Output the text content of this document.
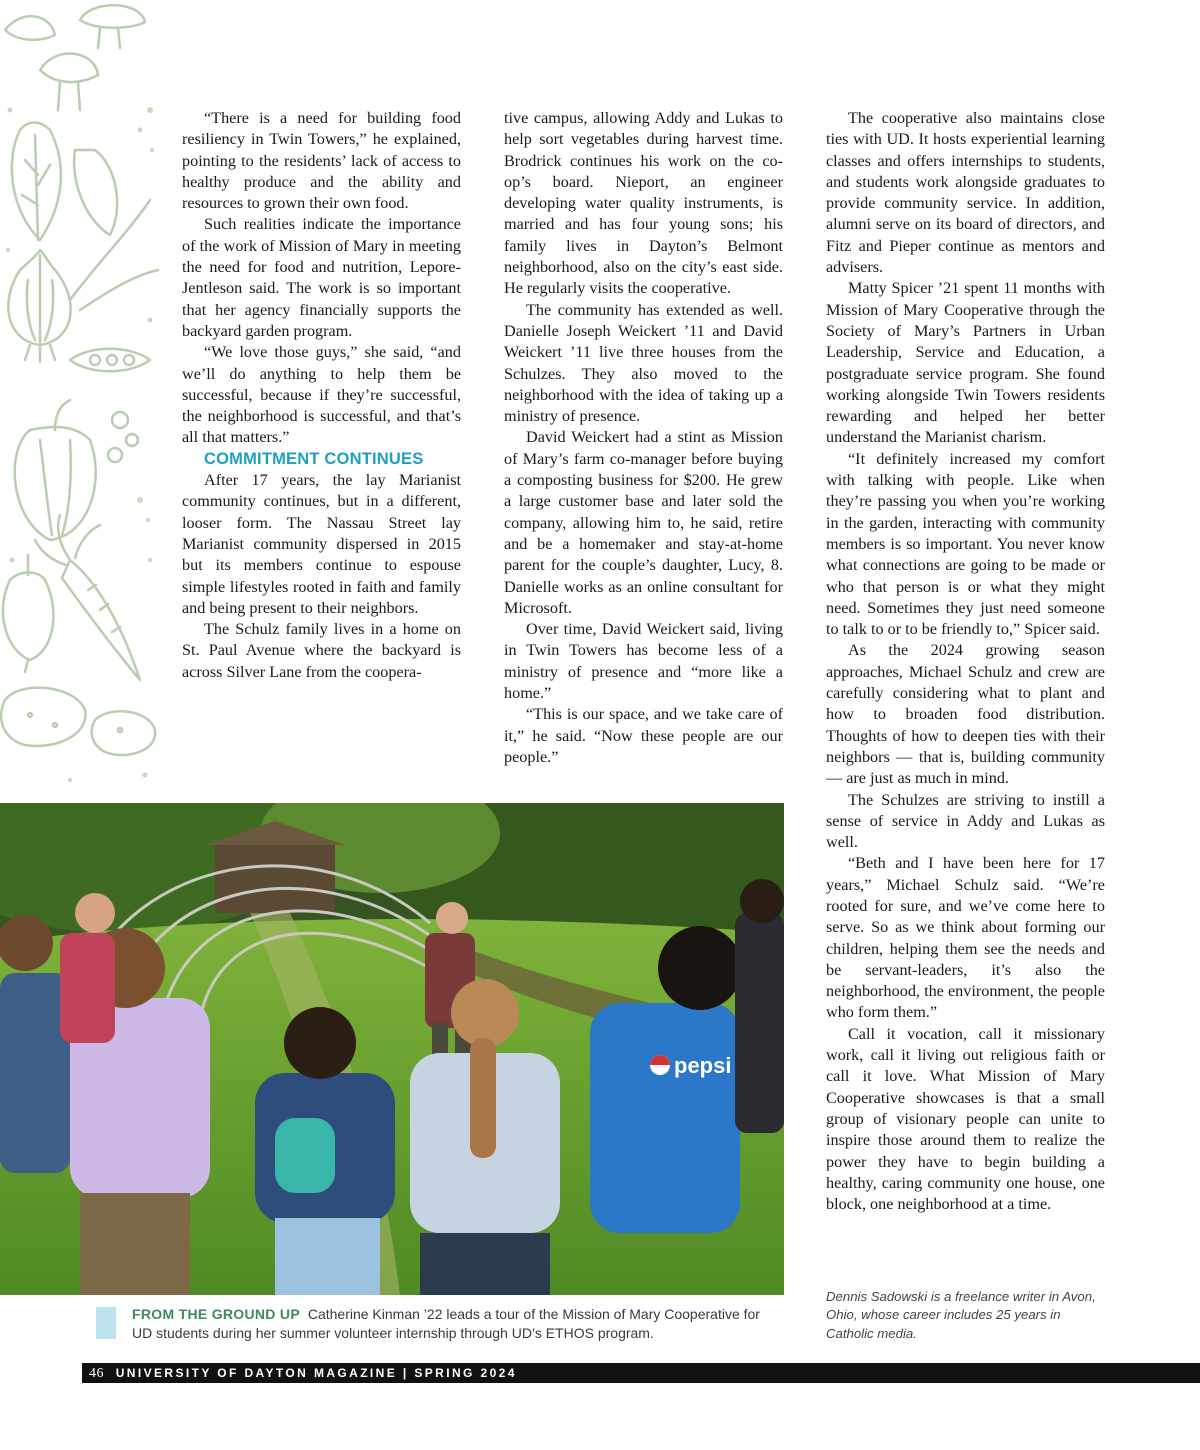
“There is a need for building food resiliency in Twin Towers,” he explained, pointing to the residents’ lack of access to healthy produce and the ability and resources to grown their own food.

Such realities indicate the importance of the work of Mission of Mary in meeting the need for food and nutrition, Lepore-Jentleson said. The work is so important that her agency financially supports the backyard garden program.

“We love those guys,” she said, “and we’ll do anything to help them be successful, because if they’re successful, the neighborhood is successful, and that’s all that matters.”

COMMITMENT CONTINUES

After 17 years, the lay Marianist community continues, but in a different, looser form. The Nassau Street lay Marianist community dispersed in 2015 but its members continue to espouse simple lifestyles rooted in faith and family and being present to their neighbors.

The Schulz family lives in a home on St. Paul Avenue where the backyard is across Silver Lane from the coopera-

tive campus, allowing Addy and Lukas to help sort vegetables during harvest time. Brodrick continues his work on the co-op’s board. Nieport, an engineer developing water quality instruments, is married and has four young sons; his family lives in Dayton’s Belmont neighborhood, also on the city’s east side. He regularly visits the cooperative.

The community has extended as well. Danielle Joseph Weickert ’11 and David Weickert ’11 live three houses from the Schulzes. They also moved to the neighborhood with the idea of taking up a ministry of presence.

David Weickert had a stint as Mission of Mary’s farm co-manager before buying a composting business for $200. He grew a large customer base and later sold the company, allowing him to, he said, retire and be a homemaker and stay-at-home parent for the couple’s daughter, Lucy, 8. Danielle works as an online consultant for Microsoft.

Over time, David Weickert said, living in Twin Towers has become less of a ministry of presence and “more like a home.”

“This is our space, and we take care of it,” he said. “Now these people are our people.”

The cooperative also maintains close ties with UD. It hosts experiential learning classes and offers internships to students, and students work alongside graduates to provide community service. In addition, alumni serve on its board of directors, and Fitz and Pieper continue as mentors and advisers.

Matty Spicer ’21 spent 11 months with Mission of Mary Cooperative through the Society of Mary’s Partners in Urban Leadership, Service and Education, a postgraduate service program. She found working alongside Twin Towers residents rewarding and helped her better understand the Marianist charism.

“It definitely increased my comfort with talking with people. Like when they’re passing you when you’re working in the garden, interacting with community members is so important. You never know what connections are going to be made or who that person is or what they might need. Sometimes they just need someone to talk to or to be friendly to,” Spicer said.

As the 2024 growing season approaches, Michael Schulz and crew are carefully considering what to plant and how to broaden food distribution. Thoughts of how to deepen ties with their neighbors — that is, building community — are just as much in mind.

The Schulzes are striving to instill a sense of service in Addy and Lukas as well.

“Beth and I have been here for 17 years,” Michael Schulz said. “We’re rooted for sure, and we’ve come here to serve. So as we think about forming our children, helping them see the needs and be servant-leaders, it’s also the neighborhood, the environment, the people who form them.”

Call it vocation, call it missionary work, call it living out religious faith or call it love. What Mission of Mary Cooperative showcases is that a small group of visionary people can unite to inspire those around them to realize the power they have to begin building a healthy, caring community one house, one block, one neighborhood at a time.

pepsi
FROM THE GROUND UP Catherine Kinman ’22 leads a tour of the Mission of Mary Cooperative for UD students during her summer volunteer internship through UD’s ETHOS program.
Dennis Sadowski is a freelance writer in Avon, Ohio, whose career includes 25 years in Catholic media.
46 UNIVERSITY OF DAYTON MAGAZINE | SPRING 2024
